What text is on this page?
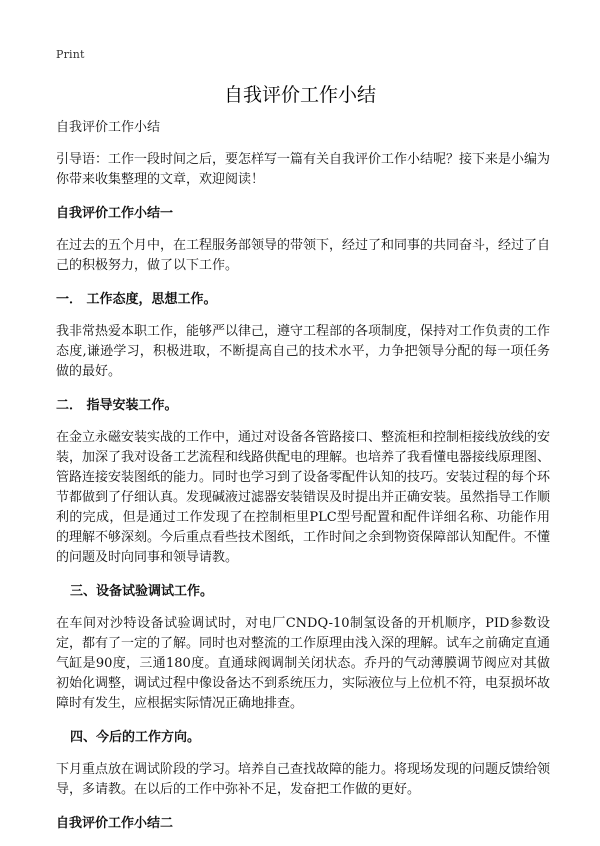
Print
自我评价工作小结
自我评价工作小结

引导语：工作一段时间之后，要怎样写一篇有关自我评价工作小结呢？接下来是小编为你带来收集整理的文章，欢迎阅读！

自我评价工作小结一

在过去的五个月中，在工程服务部领导的带领下，经过了和同事的共同奋斗，经过了自己的积极努力，做了以下工作。

一． 工作态度，思想工作。

我非常热爱本职工作，能够严以律己，遵守工程部的各项制度，保持对工作负责的工作态度,谦逊学习，积极进取，不断提高自己的技术水平，力争把领导分配的每一项任务做的最好。

二． 指导安装工作。

在金立永磁安装实战的工作中，通过对设备各管路接口、整流柜和控制柜接线放线的安装，加深了我对设备工艺流程和线路供配电的理解。也培养了我看懂电器接线原理图、管路连接安装图纸的能力。同时也学习到了设备零配件认知的技巧。安装过程的每个环节都做到了仔细认真。发现碱液过滤器安装错误及时提出并正确安装。虽然指导工作顺利的完成，但是通过工作发现了在控制柜里PLC型号配置和配件详细名称、功能作用的理解不够深刻。今后重点看些技术图纸，工作时间之余到物资保障部认知配件。不懂的问题及时向同事和领导请教。

三、设备试验调试工作。

在车间对沙特设备试验调试时，对电厂CNDQ-10制氢设备的开机顺序，PID参数设定，都有了一定的了解。同时也对整流的工作原理由浅入深的理解。试车之前确定直通气缸是90度，三通180度。直通球阀调制关闭状态。乔丹的气动薄膜调节阀应对其做初始化调整，调试过程中像设备达不到系统压力，实际液位与上位机不符，电泵损坏故障时有发生，应根据实际情况正确地排查。

四、今后的工作方向。

下月重点放在调试阶段的学习。培养自己查找故障的能力。将现场发现的问题反馈给领导，多请教。在以后的工作中弥补不足，发奋把工作做的更好。

自我评价工作小结二
